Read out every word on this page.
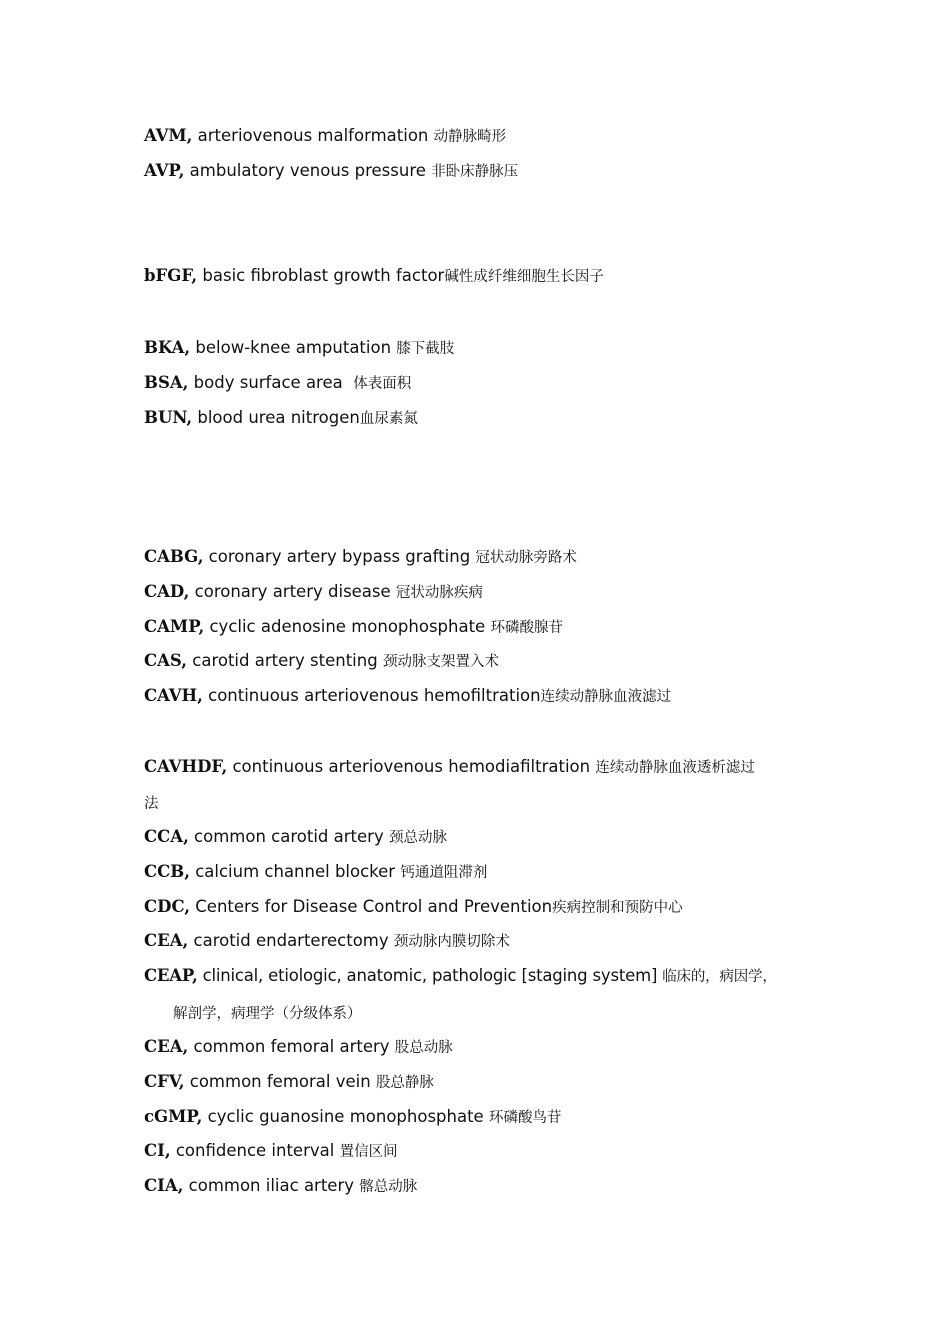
AVM, arteriovenous malformation 动静脉畸形
AVP, ambulatory venous pressure 非卧床静脉压
bFGF, basic fibroblast growth factor碱性成纤维细胞生长因子
BKA, below-knee amputation 膝下截肢
BSA, body surface area  体表面积
BUN, blood urea nitrogen血尿素氮
CABG, coronary artery bypass grafting 冠状动脉旁路术
CAD, coronary artery disease 冠状动脉疾病
CAMP, cyclic adenosine monophosphate 环磷酸腺苷
CAS, carotid artery stenting 颈动脉支架置入术
CAVH, continuous arteriovenous hemofiltration连续动静脉血液滤过
CAVHDF, continuous arteriovenous hemodiafiltration 连续动静脉血液透析滤过
法
CCA, common carotid artery 颈总动脉
CCB, calcium channel blocker 钙通道阻滞剂
CDC, Centers for Disease Control and Prevention疾病控制和预防中心
CEA, carotid endarterectomy 颈动脉内膜切除术
CEAP, clinical, etiologic, anatomic, pathologic [staging system] 临床的，病因学，
解剖学，病理学（分级体系）
CEA, common femoral artery 股总动脉
CFV, common femoral vein 股总静脉
cGMP, cyclic guanosine monophosphate 环磷酸鸟苷
CI, confidence interval 置信区间
CIA, common iliac artery 髂总动脉
